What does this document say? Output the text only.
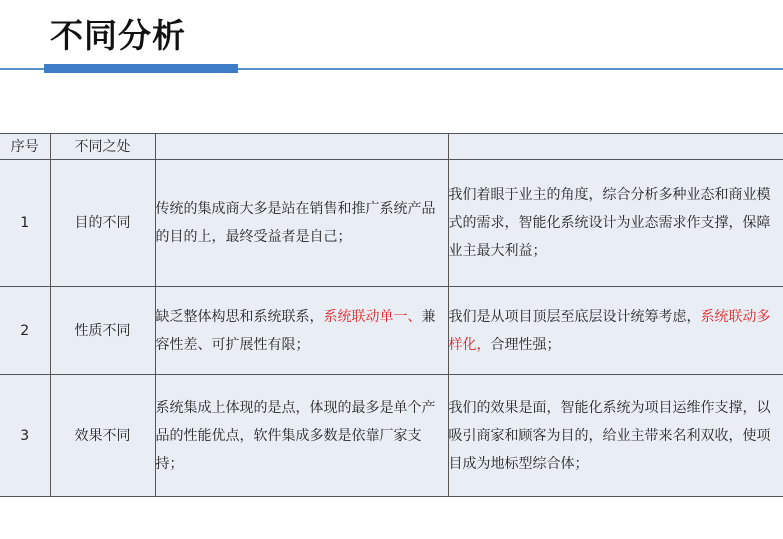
不同分析
序号	不同之处		
1	目的不同	传统的集成商大多是站在销售和推广系统产品的目的上，最终受益者是自己；	我们着眼于业主的角度，综合分析多种业态和商业模式的需求，智能化系统设计为业态需求作支撑，保障业主最大利益；
2	性质不同	缺乏整体构思和系统联系，系统联动单一、兼容性差、可扩展性有限；	我们是从项目顶层至底层设计统筹考虑，系统联动多样化，合理性强；
3	效果不同	系统集成上体现的是点，体现的最多是单个产品的性能优点，软件集成多数是依靠厂家支持；	我们的效果是面，智能化系统为项目运维作支撑，以吸引商家和顾客为目的，给业主带来名利双收，使项目成为地标型综合体；
